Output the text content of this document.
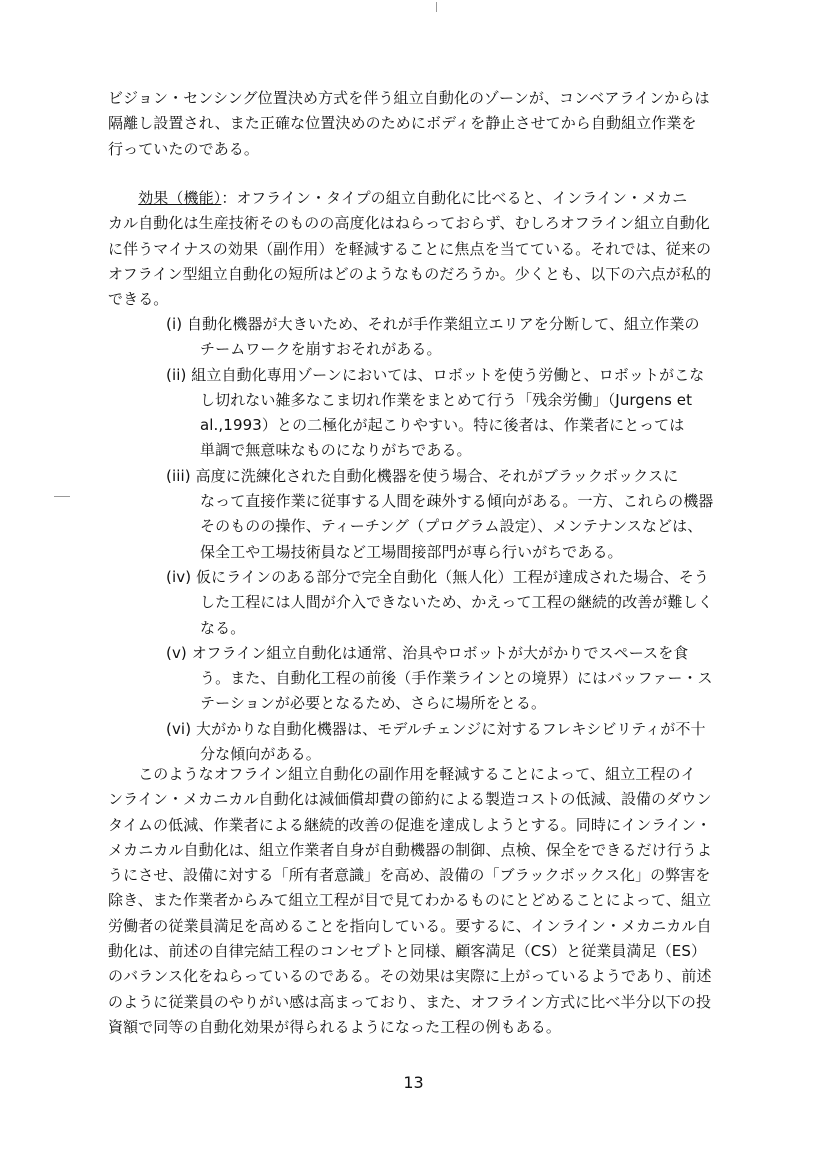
ビジョン・センシング位置決め方式を伴う組立自動化のゾーンが、コンベアラインからは
隔離し設置され、また正確な位置決めのためにボディを静止させてから自動組立作業を
行っていたのである。
　　効果（機能）：オフライン・タイプの組立自動化に比べると、インライン・メカニ
カル自動化は生産技術そのものの高度化はねらっておらず、むしろオフライン組立自動化
に伴うマイナスの効果（副作用）を軽減することに焦点を当てている。それでは、従来の
オフライン型組立自動化の短所はどのようなものだろうか。少くとも、以下の六点が私的
できる。
(i) 自動化機器が大きいため、それが手作業組立エリアを分断して、組立作業の
チームワークを崩すおそれがある。
(ii) 組立自動化専用ゾーンにおいては、ロボットを使う労働と、ロボットがこな
し切れない雑多なこま切れ作業をまとめて行う「残余労働」（Jurgens et
al.,1993）との二極化が起こりやすい。特に後者は、作業者にとっては
単調で無意味なものになりがちである。
(iii) 高度に洗練化された自動化機器を使う場合、それがブラックボックスに
なって直接作業に従事する人間を疎外する傾向がある。一方、これらの機器
そのものの操作、ティーチング（プログラム設定）、メンテナンスなどは、
保全工や工場技術員など工場間接部門が専ら行いがちである。
(iv) 仮にラインのある部分で完全自動化（無人化）工程が達成された場合、そう
した工程には人間が介入できないため、かえって工程の継続的改善が難しく
なる。
(v) オフライン組立自動化は通常、治具やロボットが大がかりでスペースを食
う。また、自動化工程の前後（手作業ラインとの境界）にはバッファー・ス
テーションが必要となるため、さらに場所をとる。
(vi) 大がかりな自動化機器は、モデルチェンジに対するフレキシビリティが不十
分な傾向がある。
　　このようなオフライン組立自動化の副作用を軽減することによって、組立工程のイ
ンライン・メカニカル自動化は減価償却費の節約による製造コストの低減、設備のダウン
タイムの低減、作業者による継続的改善の促進を達成しようとする。同時にインライン・
メカニカル自動化は、組立作業者自身が自動機器の制御、点検、保全をできるだけ行うよ
うにさせ、設備に対する「所有者意識」を高め、設備の「ブラックボックス化」の弊害を
除き、また作業者からみて組立工程が目で見てわかるものにとどめることによって、組立
労働者の従業員満足を高めることを指向している。要するに、インライン・メカニカル自
動化は、前述の自律完結工程のコンセプトと同様、顧客満足（CS）と従業員満足（ES）
のバランス化をねらっているのである。その効果は実際に上がっているようであり、前述
のように従業員のやりがい感は高まっており、また、オフライン方式に比べ半分以下の投
資額で同等の自動化効果が得られるようになった工程の例もある。
13
